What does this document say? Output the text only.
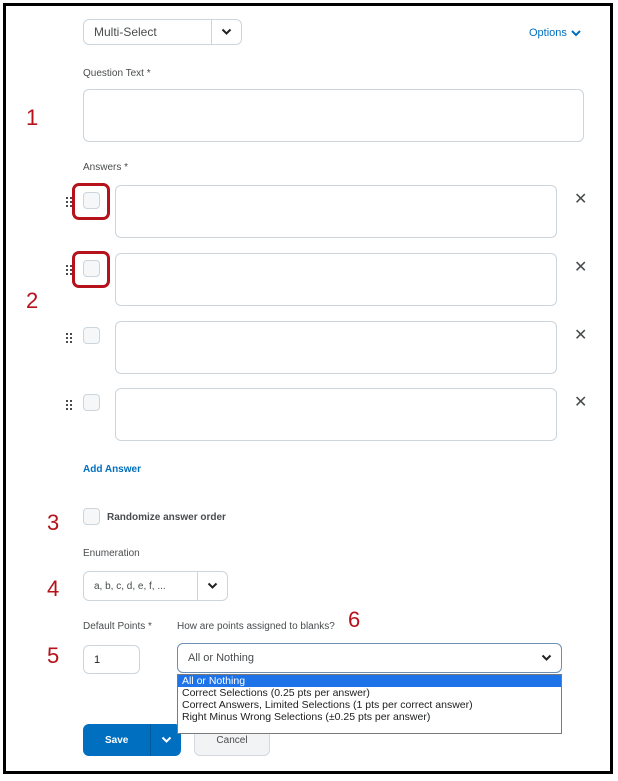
Multi-Select	Options
Question Text *
Answers *
✕
✕
✕
✕
Add Answer
Randomize answer order
Enumeration
a, b, c, d, e, f, ...
Default Points *
1
How are points assigned to blanks?
All or Nothing
Save	Cancel
All or Nothing
Correct Selections (0.25 pts per answer)
Correct Answers, Limited Selections (1 pts per correct answer)
Right Minus Wrong Selections (±0.25 pts per answer)
1
2
3
4
5
6
